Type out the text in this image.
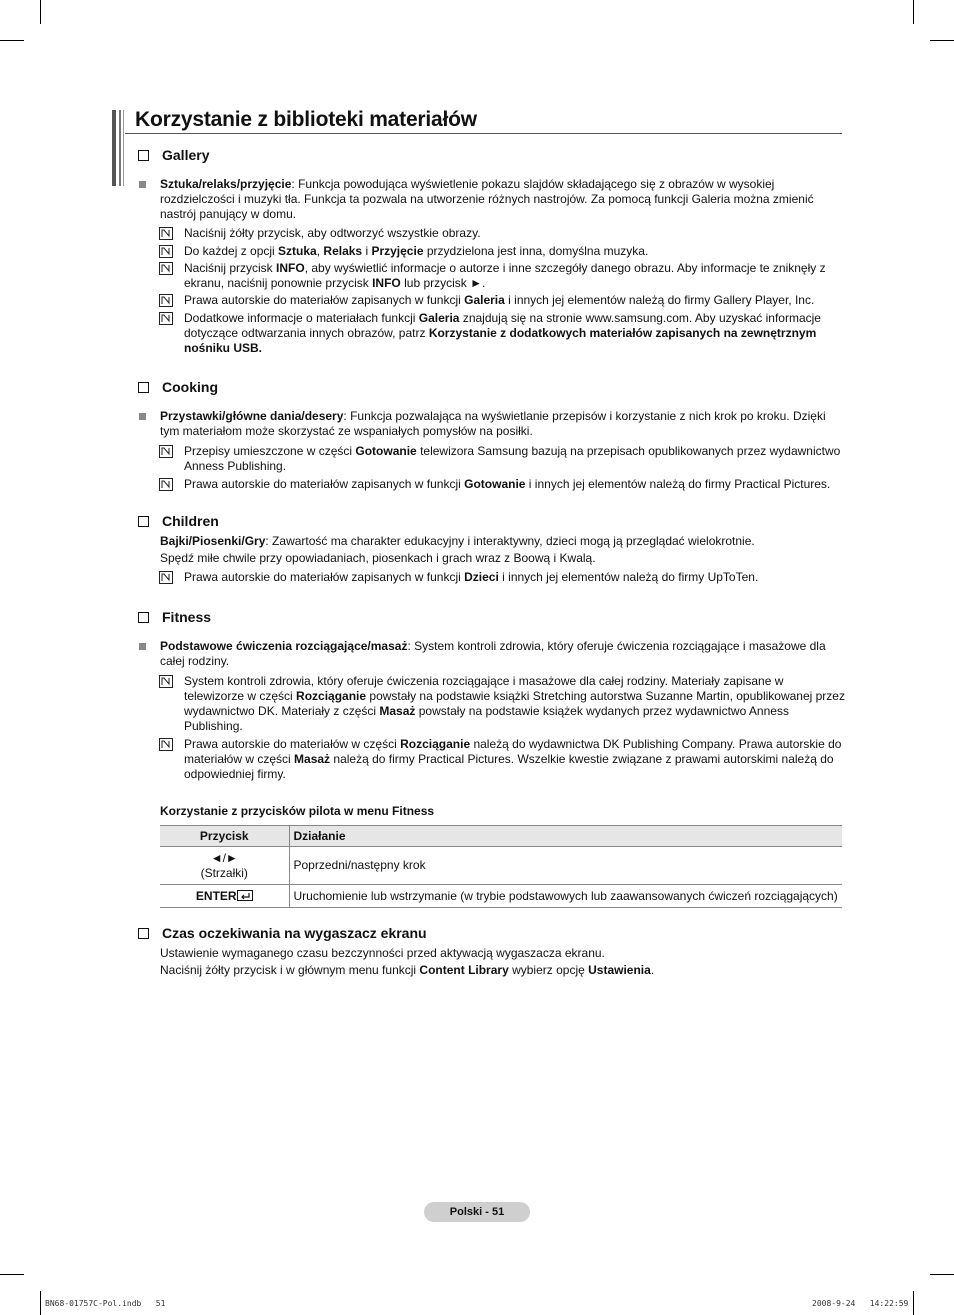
Korzystanie z biblioteki materiałów
Gallery
Sztuka/relaks/przyjęcie: Funkcja powodująca wyświetlenie pokazu slajdów składającego się z obrazów w wysokiej rozdzielczości i muzyki tła. Funkcja ta pozwala na utworzenie różnych nastrojów. Za pomocą funkcji Galeria można zmienić nastrój panujący w domu.
Naciśnij żółty przycisk, aby odtworzyć wszystkie obrazy.
Do każdej z opcji Sztuka, Relaks i Przyjęcie przydzielona jest inna, domyślna muzyka.
Naciśnij przycisk INFO, aby wyświetlić informacje o autorze i inne szczegóły danego obrazu. Aby informacje te zniknęły z ekranu, naciśnij ponownie przycisk INFO lub przycisk ►.
Prawa autorskie do materiałów zapisanych w funkcji Galeria i innych jej elementów należą do firmy Gallery Player, Inc.
Dodatkowe informacje o materiałach funkcji Galeria znajdują się na stronie www.samsung.com. Aby uzyskać informacje dotyczące odtwarzania innych obrazów, patrz Korzystanie z dodatkowych materiałów zapisanych na zewnętrznym nośniku USB.
Cooking
Przystawki/główne dania/desery: Funkcja pozwalająca na wyświetlanie przepisów i korzystanie z nich krok po kroku. Dzięki tym materiałom może skorzystać ze wspaniałych pomysłów na posiłki.
Przepisy umieszczone w części Gotowanie telewizora Samsung bazują na przepisach opublikowanych przez wydawnictwo Anness Publishing.
Prawa autorskie do materiałów zapisanych w funkcji Gotowanie i innych jej elementów należą do firmy Practical Pictures.
Children
Bajki/Piosenki/Gry: Zawartość ma charakter edukacyjny i interaktywny, dzieci mogą ją przeglądać wielokrotnie.
Spędź miłe chwile przy opowiadaniach, piosenkach i grach wraz z Boową i Kwalą.
Prawa autorskie do materiałów zapisanych w funkcji Dzieci i innych jej elementów należą do firmy UpToTen.
Fitness
Podstawowe ćwiczenia rozciągające/masaż: System kontroli zdrowia, który oferuje ćwiczenia rozciągające i masażowe dla całej rodziny.
System kontroli zdrowia, który oferuje ćwiczenia rozciągające i masażowe dla całej rodziny. Materiały zapisane w telewizorze w części Rozciąganie powstały na podstawie książki Stretching autorstwa Suzanne Martin, opublikowanej przez wydawnictwo DK. Materiały z części Masaż powstały na podstawie książek wydanych przez wydawnictwo Anness Publishing.
Prawa autorskie do materiałów w części Rozciąganie należą do wydawnictwa DK Publishing Company. Prawa autorskie do materiałów w części Masaż należą do firmy Practical Pictures. Wszelkie kwestie związane z prawami autorskimi należą do odpowiedniej firmy.
Korzystanie z przycisków pilota w menu Fitness
Przycisk	Działanie

◄/►
(Strzałki)	Poprzedni/następny krok
ENTER	Uruchomienie lub wstrzymanie (w trybie podstawowych lub zaawansowanych ćwiczeń rozciągających)
Czas oczekiwania na wygaszacz ekranu
Ustawienie wymaganego czasu bezczynności przed aktywacją wygaszacza ekranu.
Naciśnij żółty przycisk i w głównym menu funkcji Content Library wybierz opcję Ustawienia.
Polski - 51
BN68-01757C-Pol.indb   51	2008-9-24   14:22:59
